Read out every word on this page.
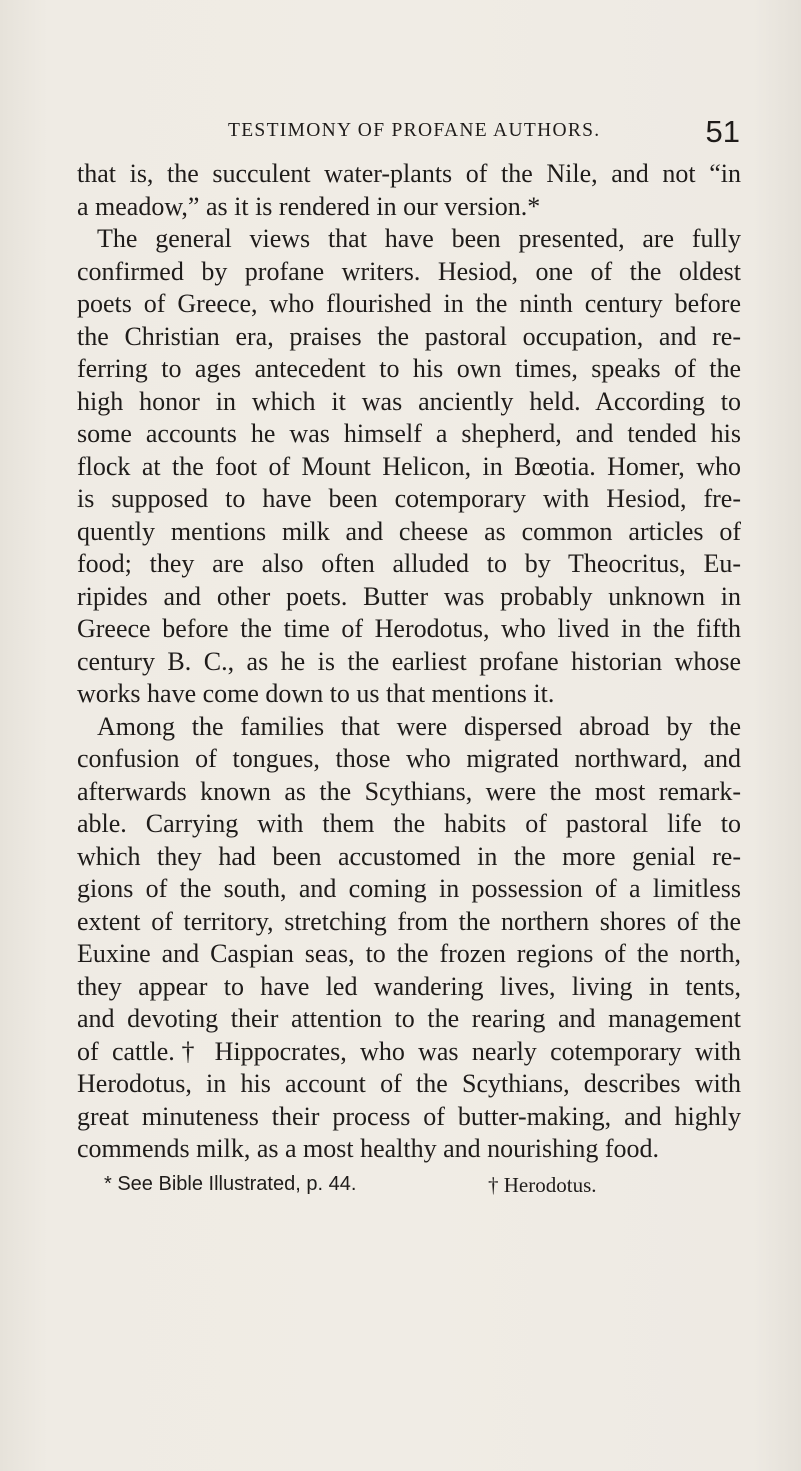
TESTIMONY OF PROFANE AUTHORS.	51
that is, the succulent water-plants of the Nile, and not “in
a meadow,” as it is rendered in our version.*
The general views that have been presented, are fully
confirmed by profane writers. Hesiod, one of the oldest
poets of Greece, who flourished in the ninth century before
the Christian era, praises the pastoral occupation, and re-
ferring to ages antecedent to his own times, speaks of the
high honor in which it was anciently held. According to
some accounts he was himself a shepherd, and tended his
flock at the foot of Mount Helicon, in Bœotia. Homer, who
is supposed to have been cotemporary with Hesiod, fre-
quently mentions milk and cheese as common articles of
food; they are also often alluded to by Theocritus, Eu-
ripides and other poets. Butter was probably unknown in
Greece before the time of Herodotus, who lived in the fifth
century B. C., as he is the earliest profane historian whose
works have come down to us that mentions it.
Among the families that were dispersed abroad by the
confusion of tongues, those who migrated northward, and
afterwards known as the Scythians, were the most remark-
able. Carrying with them the habits of pastoral life to
which they had been accustomed in the more genial re-
gions of the south, and coming in possession of a limitless
extent of territory, stretching from the northern shores of the
Euxine and Caspian seas, to the frozen regions of the north,
they appear to have led wandering lives, living in tents,
and devoting their attention to the rearing and management
of cattle.† Hippocrates, who was nearly cotemporary with
Herodotus, in his account of the Scythians, describes with
great minuteness their process of butter-making, and highly
commends milk, as a most healthy and nourishing food.
* See Bible Illustrated, p. 44.	† Herodotus.
